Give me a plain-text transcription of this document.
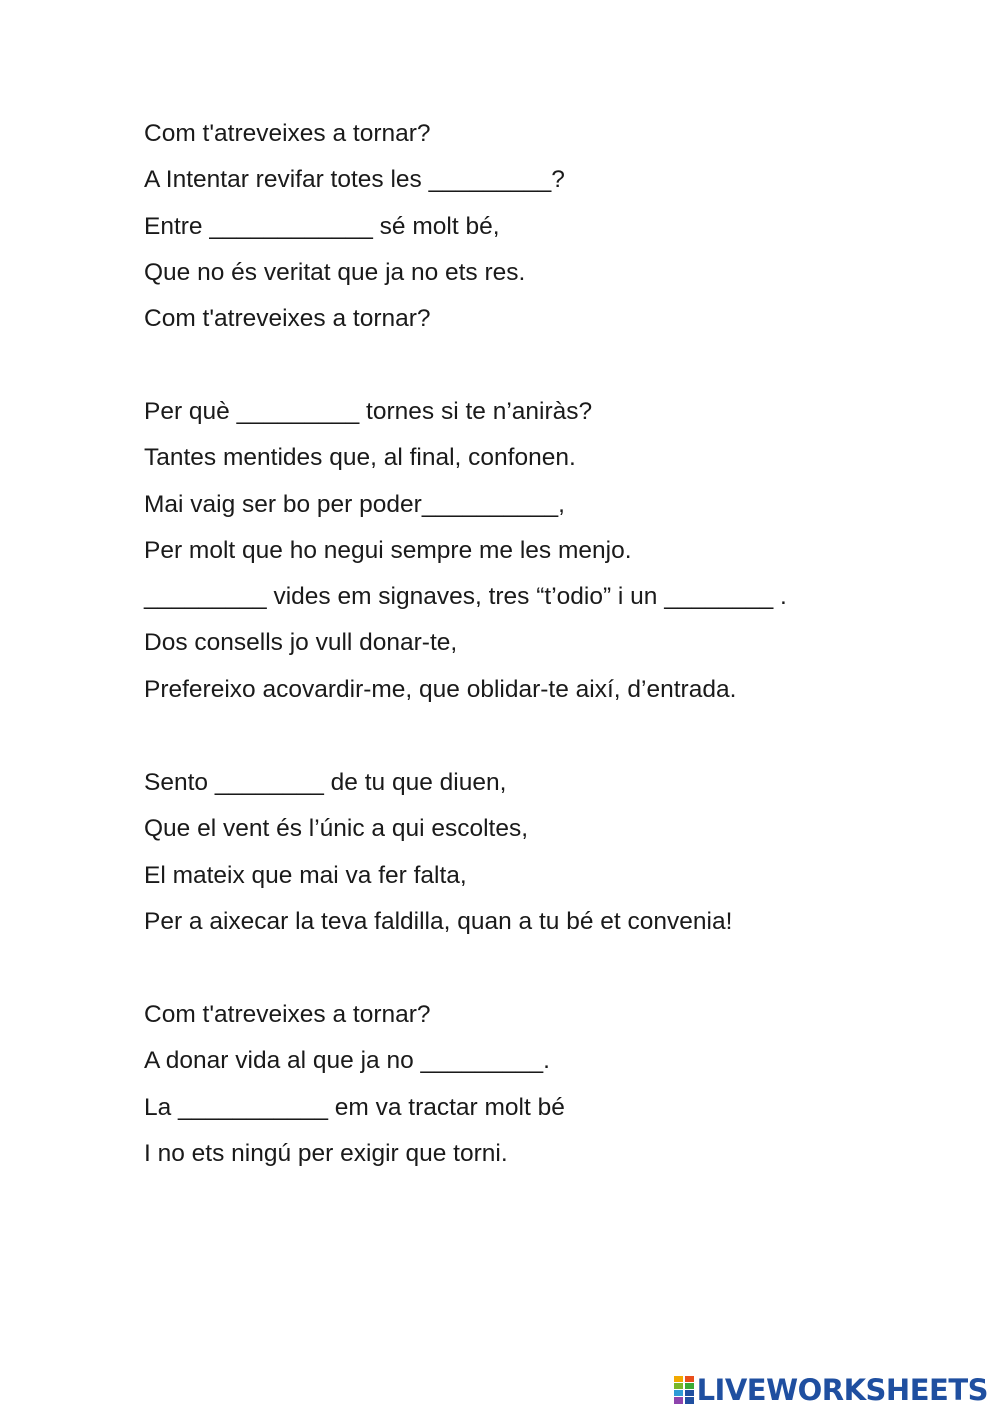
Com t'atreveixes a tornar?
A Intentar revifar totes les _________?
Entre ____________ sé molt bé,
Que no és veritat que ja no ets res.
Com t'atreveixes a tornar?
Per què _________ tornes si te n’aniràs?
Tantes mentides que, al final, confonen.
Mai vaig ser bo per poder__________,
Per molt que ho negui sempre me les menjo.
_________ vides em signaves, tres “t’odio” i un ________ .
Dos consells jo vull donar-te,
Prefereixo acovardir-me, que oblidar-te així, d’entrada.
Sento ________ de tu que diuen,
Que el vent és l’únic a qui escoltes,
El mateix que mai va fer falta,
Per a aixecar la teva faldilla, quan a tu bé et convenia!
Com t'atreveixes a tornar?
A donar vida al que ja no _________.
La ___________ em va tractar molt bé
I no ets ningú per exigir que torni.
LIVEWORKSHEETS
